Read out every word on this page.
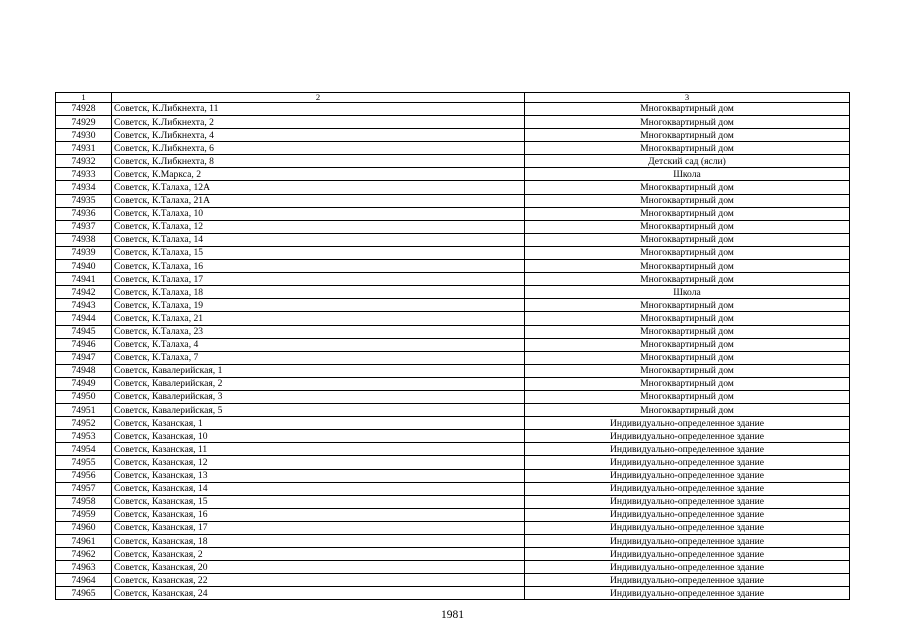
1	2	3
74928	Советск, К.Либкнехта, 11	Многоквартирный дом
74929	Советск, К.Либкнехта, 2	Многоквартирный дом
74930	Советск, К.Либкнехта, 4	Многоквартирный дом
74931	Советск, К.Либкнехта, 6	Многоквартирный дом
74932	Советск, К.Либкнехта, 8	Детский сад (ясли)
74933	Советск, К.Маркса, 2	Школа
74934	Советск, К.Талаха, 12А	Многоквартирный дом
74935	Советск, К.Талаха, 21А	Многоквартирный дом
74936	Советск, К.Талаха, 10	Многоквартирный дом
74937	Советск, К.Талаха, 12	Многоквартирный дом
74938	Советск, К.Талаха, 14	Многоквартирный дом
74939	Советск, К.Талаха, 15	Многоквартирный дом
74940	Советск, К.Талаха, 16	Многоквартирный дом
74941	Советск, К.Талаха, 17	Многоквартирный дом
74942	Советск, К.Талаха, 18	Школа
74943	Советск, К.Талаха, 19	Многоквартирный дом
74944	Советск, К.Талаха, 21	Многоквартирный дом
74945	Советск, К.Талаха, 23	Многоквартирный дом
74946	Советск, К.Талаха, 4	Многоквартирный дом
74947	Советск, К.Талаха, 7	Многоквартирный дом
74948	Советск, Кавалерийская, 1	Многоквартирный дом
74949	Советск, Кавалерийская, 2	Многоквартирный дом
74950	Советск, Кавалерийская, 3	Многоквартирный дом
74951	Советск, Кавалерийская, 5	Многоквартирный дом
74952	Советск, Казанская, 1	Индивидуально-определенное здание
74953	Советск, Казанская, 10	Индивидуально-определенное здание
74954	Советск, Казанская, 11	Индивидуально-определенное здание
74955	Советск, Казанская, 12	Индивидуально-определенное здание
74956	Советск, Казанская, 13	Индивидуально-определенное здание
74957	Советск, Казанская, 14	Индивидуально-определенное здание
74958	Советск, Казанская, 15	Индивидуально-определенное здание
74959	Советск, Казанская, 16	Индивидуально-определенное здание
74960	Советск, Казанская, 17	Индивидуально-определенное здание
74961	Советск, Казанская, 18	Индивидуально-определенное здание
74962	Советск, Казанская, 2	Индивидуально-определенное здание
74963	Советск, Казанская, 20	Индивидуально-определенное здание
74964	Советск, Казанская, 22	Индивидуально-определенное здание
74965	Советск, Казанская, 24	Индивидуально-определенное здание
1981
